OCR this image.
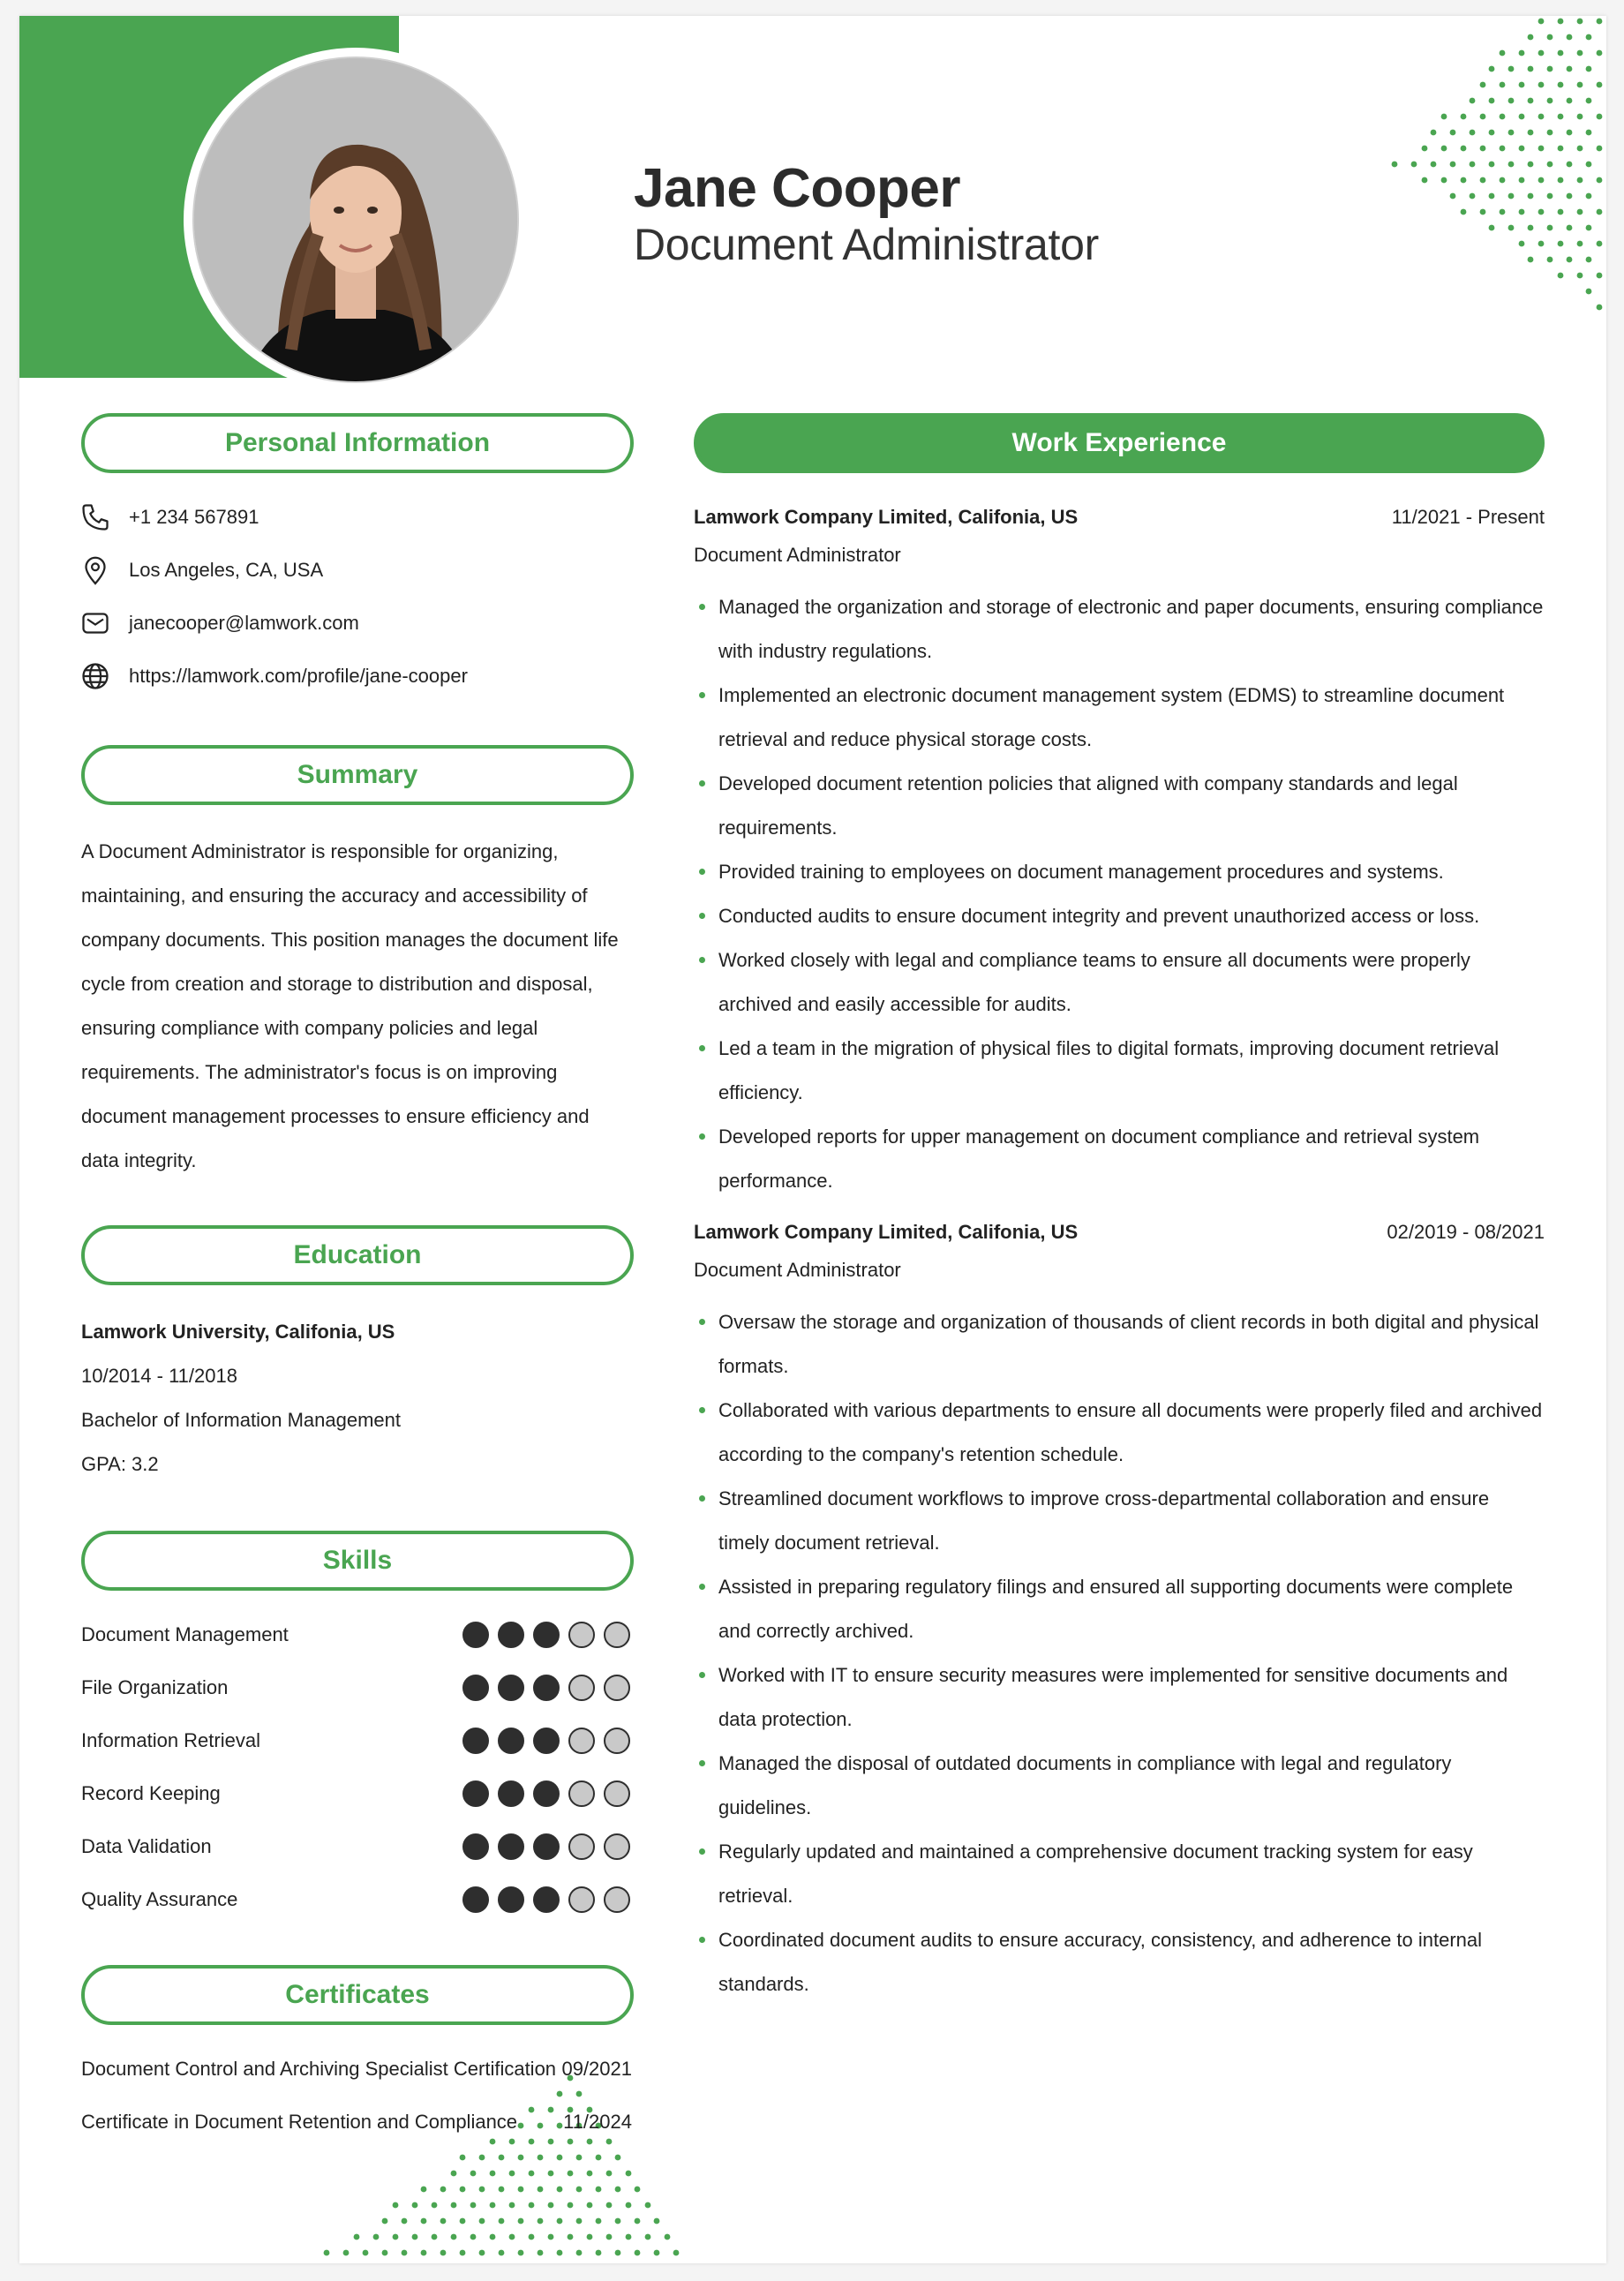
Jane Cooper
Document Administrator
Personal Information
+1 234 567891
Los Angeles, CA, USA
janecooper@lamwork.com
https://lamwork.com/profile/jane-cooper
Summary
A Document Administrator is responsible for organizing, maintaining, and ensuring the accuracy and accessibility of company documents. This position manages the document life cycle from creation and storage to distribution and disposal, ensuring compliance with company policies and legal requirements. The administrator's focus is on improving document management processes to ensure efficiency and data integrity.
Education
Lamwork University, Califonia, US
10/2014 - 11/2018
Bachelor of Information Management
GPA: 3.2
Skills
Document Management
File Organization
Information Retrieval
Record Keeping
Data Validation
Quality Assurance
Certificates
Document Control and Archiving Specialist Certification 09/2021
Certificate in Document Retention and Compliance 11/2024
Work Experience
Lamwork Company Limited, Califonia, US	11/2021 - Present
Document Administrator
Managed the organization and storage of electronic and paper documents, ensuring compliance with industry regulations.
Implemented an electronic document management system (EDMS) to streamline document retrieval and reduce physical storage costs.
Developed document retention policies that aligned with company standards and legal requirements.
Provided training to employees on document management procedures and systems.
Conducted audits to ensure document integrity and prevent unauthorized access or loss.
Worked closely with legal and compliance teams to ensure all documents were properly archived and easily accessible for audits.
Led a team in the migration of physical files to digital formats, improving document retrieval efficiency.
Developed reports for upper management on document compliance and retrieval system performance.
Lamwork Company Limited, Califonia, US	02/2019 - 08/2021
Document Administrator
Oversaw the storage and organization of thousands of client records in both digital and physical formats.
Collaborated with various departments to ensure all documents were properly filed and archived according to the company's retention schedule.
Streamlined document workflows to improve cross-departmental collaboration and ensure timely document retrieval.
Assisted in preparing regulatory filings and ensured all supporting documents were complete and correctly archived.
Worked with IT to ensure security measures were implemented for sensitive documents and data protection.
Managed the disposal of outdated documents in compliance with legal and regulatory guidelines.
Regularly updated and maintained a comprehensive document tracking system for easy retrieval.
Coordinated document audits to ensure accuracy, consistency, and adherence to internal standards.
